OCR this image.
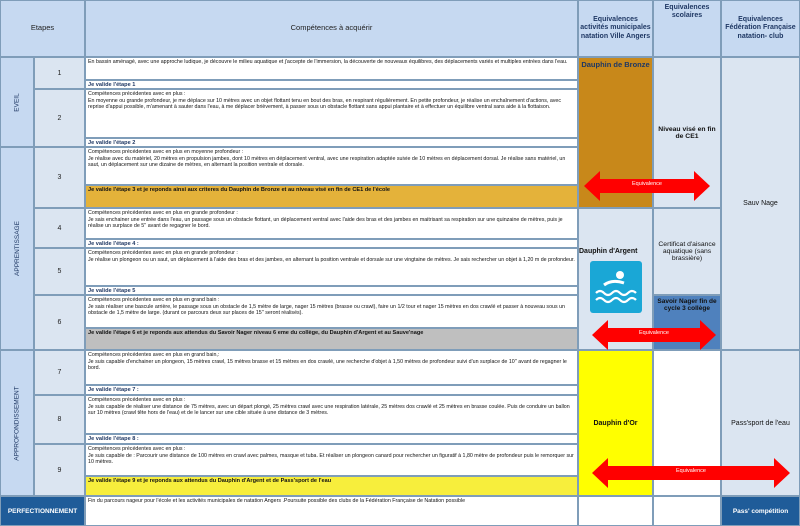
Etapes	Compétences à acquérir
Equivalences activités municipales natation Ville Angers
Equivalences scolaires
Equivalences Fédération Française natation- club
EVEIL
APPRENTISSAGE
APPROFONDISSEMENT
PERFECTIONNEMENT
1
2
3
4
5
6
7
8
9
En bassin aménagé, avec une approche ludique, je découvre le milieu aquatique et j'accepte de l'immersion, la découverte de nouveaux équilibres, des déplacements variés et multiples entrées dans l'eau.
Je valide l'étape 1
Compétences précédentes avec en plus :
En moyenne ou grande profondeur, je me déplace sur 10 mètres avec un objet flottant tenu en bout des bras, en respirant régulièrement. En petite profondeur, je réalise un enchaînement d'actions, avec reprise d'appui possible, m'amenant à sauter dans l'eau, à me déplacer brièvement, à passer sous un obstacle flottant sans appui plantaire et à effectuer un équilibre ventral sans aide à la flottaison.
Je valide l'étape 2
Compétences précédentes avec en plus en moyenne profondeur :
Je réalise avec du matériel, 20 mètres en propulsion jambes, dont 10 mètres en déplacement ventral, avec une respiration adaptée suivie de 10 mètres en déplacement dorsal. Je réalise sans matériel, un saut, un déplacement sur une dizaine de mètres, en alternant la position ventrale et dorsale.
Je valide l'étape 3 et je reponds ainsi aux criteres du Dauphin de Bronze et au niveau visé en fin de CE1 de l'école
Compétences précédentes avec en plus en grande profondeur :
Je sais enchainer une entrée dans l'eau, un passage sous un obstacle flottant, un déplacement ventral avec l'aide des bras et des jambes en maitrisant sa respiration sur une quinzaine de mètres, puis je réalise un surplace de 5'' avant de regagner le bord.
Je valide l'étape 4 :
Compétences précédentes avec en plus en grande profondeur :
Je réalise un plongeon ou un saut, un déplacement à l'aide des bras et des jambes, en alternant la position ventrale et dorsale sur une vingtaine de mètres. Je sais rechercher un objet à 1,20 m de profondeur.
Je valide l'étape 5
Compétences précédentes avec en plus en grand bain :
Je sais réaliser une bascule arrière, le passage sous un obstacle de 1,5 mètre de large, nager 15 mètres (brasse ou crawl), faire un 1/2 tour et nager 15 mètres en dos crawlé et passer à nouveau sous un obstacle de 1,5 mètre de large. (durant ce parcours deux sur places de 15'' seront réalisés).
Je valide l'étape 6 et je reponds aux attendus du Savoir Nager niveau 6 eme du collège, du Dauphin d'Argent et au Sauve'nage
Compétences précédentes avec en plus en grand bain,:
Je suis capable d'enchainer un plongeon, 15 mètres crawl, 15 mètres brasse et 15 mètres en dos crawlé, une recherche d'objet à 1,50 mètres de profondeur suivi d'un surplace de 10'' avant de regagner le bord.
Je valide l'étape 7 :
Compétences précédentes avec en plus :
Je suis capable de réaliser une distance de 75 mètres, avec un départ plongé, 25 mètres crawl avec une respiration latérale, 25 mètres dos crawlé et 25 mètres en brasse coulée. Puis de conduire un ballon sur 10 mètres (crawl tête hors de l'eau) et de le lancer sur une cible située à une distance de 3 mètres.
Je valide l'étape 8 :
Compétences précédentes avec en plus :
Je suis capable de : Parcourir une distance de 100 mètres en crawl avec palmes, masque et tuba. Et réaliser un plongeon canard pour rechercher un figuratif à 1,80 mètre de profondeur puis le remorquer sur 10 mètres.
Je valide l'étape 9 et je reponds aux attendus du Dauphin d'Argent et de Pass'sport de l'eau
Fin du parcours nageur pour l'école et les activités municipales de natation Angers .Poursuite possible des clubs de la Fédération Française de Natation possible
Dauphin de Bronze
Dauphin d'Argent
Dauphin d'Or
Niveau visé en fin de CE1
Certificat d'aisance aquatique (sans brassière)
Savoir Nager fin de cycle 3 collège
Sauv Nage
Pass'sport de l'eau
Pass' compétition
Equivalence
Equivalence
Equivalence
